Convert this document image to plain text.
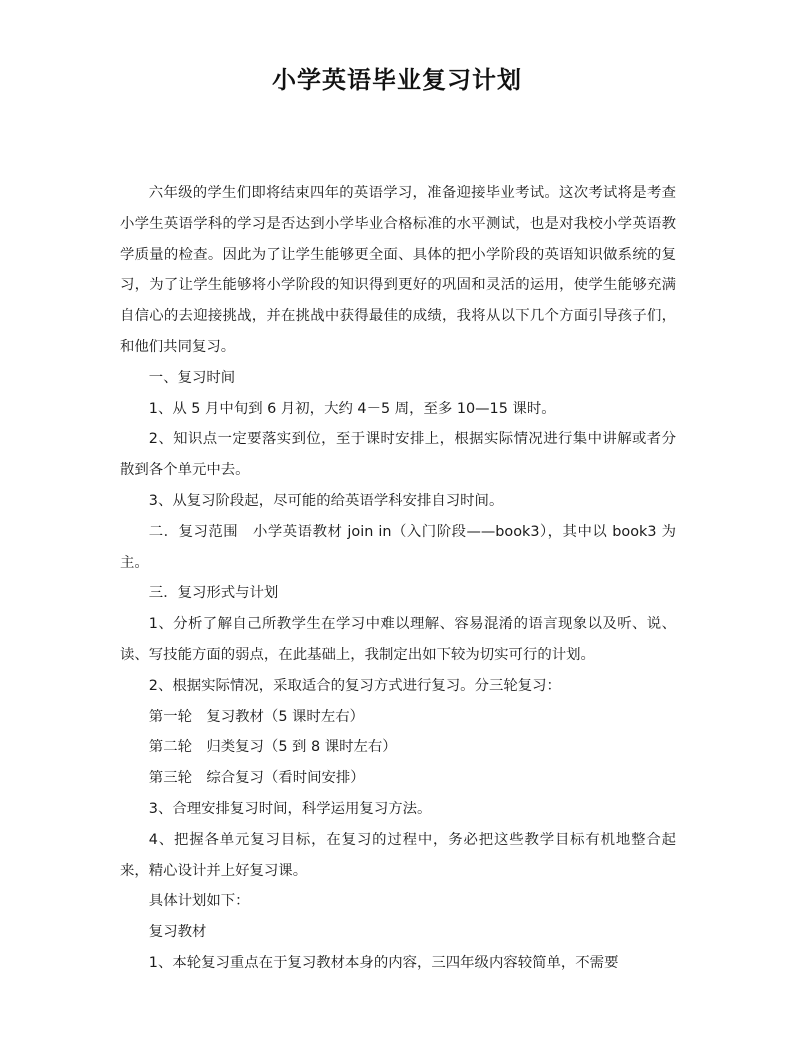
小学英语毕业复习计划

六年级的学生们即将结束四年的英语学习，准备迎接毕业考试。这次考试将是考查小学生英语学科的学习是否达到小学毕业合格标准的水平测试，也是对我校小学英语教学质量的检查。因此为了让学生能够更全面、具体的把小学阶段的英语知识做系统的复习，为了让学生能够将小学阶段的知识得到更好的巩固和灵活的运用，使学生能够充满自信心的去迎接挑战，并在挑战中获得最佳的成绩，我将从以下几个方面引导孩子们，和他们共同复习。

一、复习时间

1、从 5 月中旬到 6 月初，大约 4－5 周，至多 10—15 课时。

2、知识点一定要落实到位，至于课时安排上，根据实际情况进行集中讲解或者分散到各个单元中去。

3、从复习阶段起，尽可能的给英语学科安排自习时间。

二．复习范围　小学英语教材 join in（入门阶段——book3），其中以 book3 为主。

三．复习形式与计划

1、分析了解自己所教学生在学习中难以理解、容易混淆的语言现象以及听、说、读、写技能方面的弱点，在此基础上，我制定出如下较为切实可行的计划。

2、根据实际情况，采取适合的复习方式进行复习。分三轮复习：

第一轮　复习教材（5 课时左右）

第二轮　归类复习（5 到 8 课时左右）

第三轮　综合复习（看时间安排）

3、合理安排复习时间，科学运用复习方法。

4、把握各单元复习目标，在复习的过程中，务必把这些教学目标有机地整合起来，精心设计并上好复习课。

具体计划如下：

复习教材

1、本轮复习重点在于复习教材本身的内容，三四年级内容较简单，不需要
